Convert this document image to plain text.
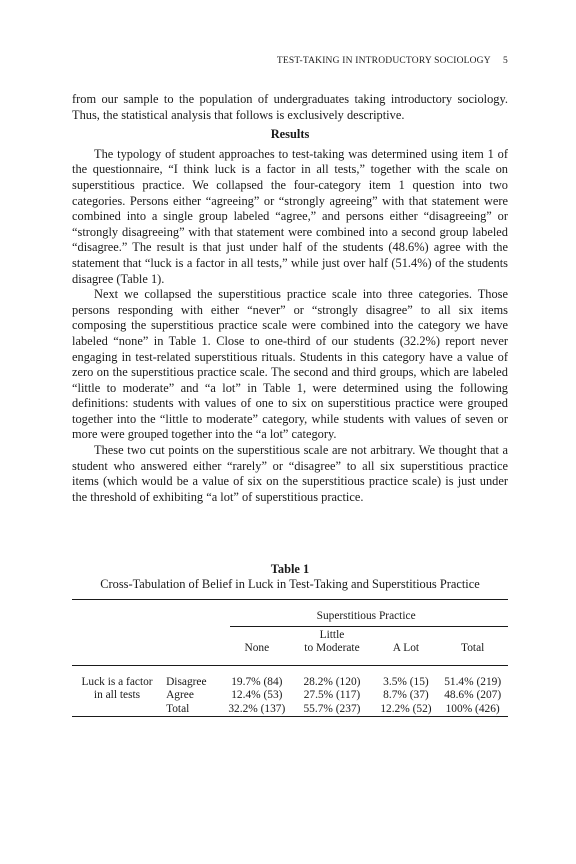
TEST-TAKING IN INTRODUCTORY SOCIOLOGY 5

from our sample to the population of undergraduates taking introductory sociology. Thus, the statistical analysis that follows is exclusively descriptive.

Results

The typology of student approaches to test-taking was determined using item 1 of the questionnaire, “I think luck is a factor in all tests,” together with the scale on superstitious practice. We collapsed the four-category item 1 question into two categories. Persons either “agreeing” or “strongly agreeing” with that statement were combined into a single group labeled “agree,” and persons either “disagreeing” or “strongly disagreeing” with that statement were combined into a second group labeled “disagree.” The result is that just under half of the students (48.6%) agree with the statement that “luck is a factor in all tests,” while just over half (51.4%) of the students disagree (Table 1).

Next we collapsed the superstitious practice scale into three categories. Those persons responding with either “never” or “strongly disagree” to all six items composing the superstitious practice scale were combined into the category we have labeled “none” in Table 1. Close to one-third of our students (32.2%) report never engaging in test-related superstitious rituals. Students in this category have a value of zero on the superstitious practice scale. The second and third groups, which are labeled “little to moderate” and “a lot” in Table 1, were determined using the following definitions: students with values of one to six on superstitious practice were grouped together into the “little to moderate” category, while students with values of seven or more were grouped together into the “a lot” category.

These two cut points on the superstitious scale are not arbitrary. We thought that a student who answered either “rarely” or “disagree” to all six superstitious practice items (which would be a value of six on the superstitious practice scale) is just under the threshold of exhibiting “a lot” of superstitious practice.

Table 1
Cross-Tabulation of Belief in Luck in Test-Taking and Superstitious Practice
		Superstitious Practice			

		None	Little
to Moderate	A Lot	Total

Luck is a factor	Disagree	19.7% (84)	28.2% (120)	3.5% (15)	51.4% (219)
in all tests	Agree	12.4% (53)	27.5% (117)	8.7% (37)	48.6% (207)
	Total	32.2% (137)	55.7% (237)	12.2% (52)	100% (426)
